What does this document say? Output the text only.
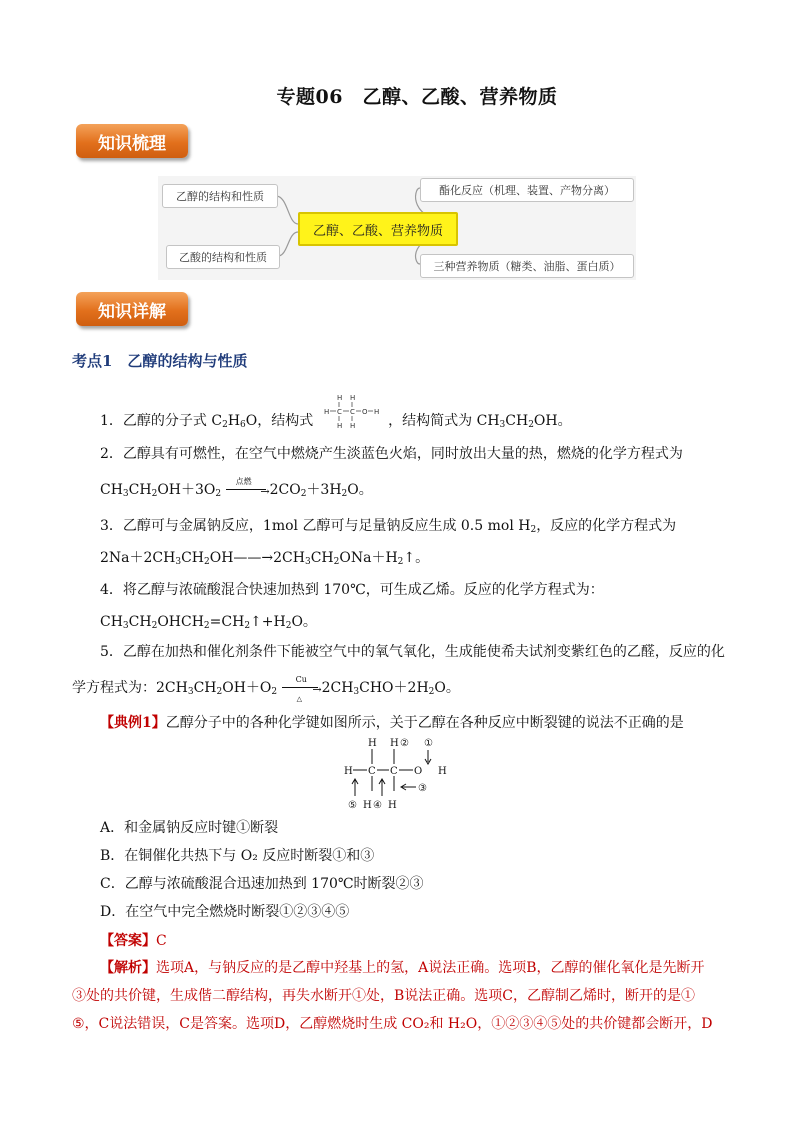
专题06　乙醇、乙酸、营养物质
知识梳理
乙醇的结构和性质
乙酸的结构和性质
乙醇、乙酸、营养物质
酯化反应（机理、装置、产物分离）
三种营养物质（糖类、油脂、蛋白质）
知识详解
考点1　乙醇的结构与性质
1．乙醇的分子式 $C_2H_6O$，结构式
H H
H C C O H
H H ，结构简式为 $CH_3CH_2OH$。
2．乙醇具有可燃性，在空气中燃烧产生淡蓝色火焰，同时放出大量的热，燃烧的化学方程式为
$CH_3CH_2OH+3O_2$
点燃
→ $2CO_2+3H_2O$。
3．乙醇可与金属钠反应，1mol 乙醇可与足量钠反应生成 0.5 mol $H_2$，反应的化学方程式为
$2Na+2CH_3CH_2OH——\to 2CH_3CH_2ONa+H_2↑$。
4．将乙醇与浓硫酸混合快速加热到 170℃，可生成乙烯。反应的化学方程式为：
$CH_3CH_2OHCH_2=CH_2↑+H_2O$。
5．乙醇在加热和催化剂条件下能被空气中的氧气氧化，生成能使希夫试剂变紫红色的乙醛，反应的化
学方程式为：$2CH_3CH_2OH+O_2$
Cu
△
→ $2CH_3CHO+2H_2O$。
【典例1】乙醇分子中的各种化学键如图所示，关于乙醇在各种反应中断裂键的说法不正确的是
H H ② ①
H C C O H
③
⑤ H ④ H
A．和金属钠反应时键①断裂
B．在铜催化共热下与 O₂ 反应时断裂①和③
C．乙醇与浓硫酸混合迅速加热到 170℃时断裂②③
D．在空气中完全燃烧时断裂①②③④⑤
【答案】C
【解析】选项A，与钠反应的是乙醇中羟基上的氢，A说法正确。选项B，乙醇的催化氧化是先断开
③处的共价键，生成偕二醇结构，再失水断开①处，B说法正确。选项C，乙醇制乙烯时，断开的是①
⑤，C说法错误，C是答案。选项D，乙醇燃烧时生成 CO₂和 H₂O，①②③④⑤处的共价键都会断开，D
